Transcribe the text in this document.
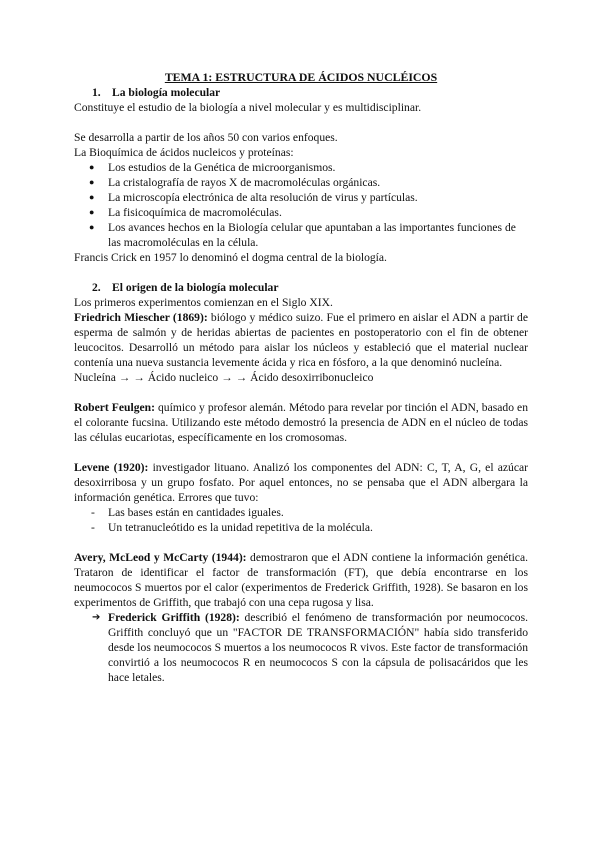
TEMA 1: ESTRUCTURA DE ÁCIDOS NUCLÉICOS

1. La biología molecular

Constituye el estudio de la biología a nivel molecular y es multidisciplinar.

Se desarrolla a partir de los años 50 con varios enfoques.

La Bioquímica de ácidos nucleicos y proteínas:

● Los estudios de la Genética de microorganismos.
● La cristalografía de rayos X de macromoléculas orgánicas.
● La microscopía electrónica de alta resolución de virus y partículas.
● La fisicoquímica de macromoléculas.
● Los avances hechos en la Biología celular que apuntaban a las importantes funciones de las macromoléculas en la célula.

Francis Crick en 1957 lo denominó el dogma central de la biología.

2. El origen de la biología molecular

Los primeros experimentos comienzan en el Siglo XIX.

Friedrich Miescher (1869): biólogo y médico suizo. Fue el primero en aislar el ADN a partir de esperma de salmón y de heridas abiertas de pacientes en postoperatorio con el fin de obtener leucocitos. Desarrolló un método para aislar los núcleos y estableció que el material nuclear contenía una nueva sustancia levemente ácida y rica en fósforo, a la que denominó nucleína.

Nucleína → → Ácido nucleico → → Ácido desoxirribonucleico

Robert Feulgen: químico y profesor alemán. Método para revelar por tinción el ADN, basado en el colorante fucsina. Utilizando este método demostró la presencia de ADN en el núcleo de todas las células eucariotas, específicamente en los cromosomas.

Levene (1920): investigador lituano. Analizó los componentes del ADN: C, T, A, G, el azúcar desoxirribosa y un grupo fosfato. Por aquel entonces, no se pensaba que el ADN albergara la información genética. Errores que tuvo:

- Las bases están en cantidades iguales.
- Un tetranucleótido es la unidad repetitiva de la molécula.

Avery, McLeod y McCarty (1944): demostraron que el ADN contiene la información genética. Trataron de identificar el factor de transformación (FT), que debía encontrarse en los neumococos S muertos por el calor (experimentos de Frederick Griffith, 1928). Se basaron en los experimentos de Griffith, que trabajó con una cepa rugosa y lisa.

➔ Frederick Griffith (1928): describió el fenómeno de transformación por neumococos. Griffith concluyó que un "FACTOR DE TRANSFORMACIÓN" había sido transferido desde los neumococos S muertos a los neumococos R vivos. Este factor de transformación convirtió a los neumococos R en neumococos S con la cápsula de polisacáridos que les hace letales.
